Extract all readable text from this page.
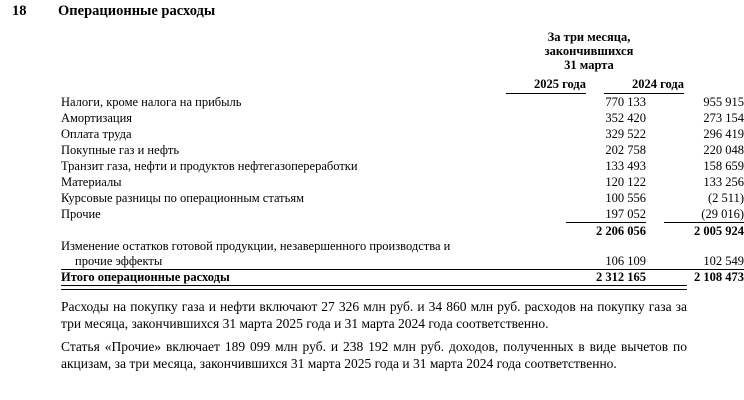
18 Операционные расходы
За три месяца,
закончившихся
31 марта
2025 года	2024 года
Налоги, кроме налога на прибыль	770 133	955 915
Амортизация	352 420	273 154
Оплата труда	329 522	296 419
Покупные газ и нефть	202 758	220 048
Транзит газа, нефти и продуктов нефтегазопереработки	133 493	158 659
Материалы	120 122	133 256
Курсовые разницы по операционным статьям	100 556	(2 511)
Прочие	197 052	(29 016)
2 206 056	2 005 924
Изменение остатков готовой продукции, незавершенного производства и
прочие эффекты	106 109	102 549
Итого операционные расходы	2 312 165	2 108 473
Расходы на покупку газа и нефти включают 27 326 млн руб. и 34 860 млн руб. расходов на покупку газа за три месяца, закончившихся 31 марта 2025 года и 31 марта 2024 года соответственно.
Статья «Прочие» включает 189 099 млн руб. и 238 192 млн руб. доходов, полученных в виде вычетов по акцизам, за три месяца, закончившихся 31 марта 2025 года и 31 марта 2024 года соответственно.
